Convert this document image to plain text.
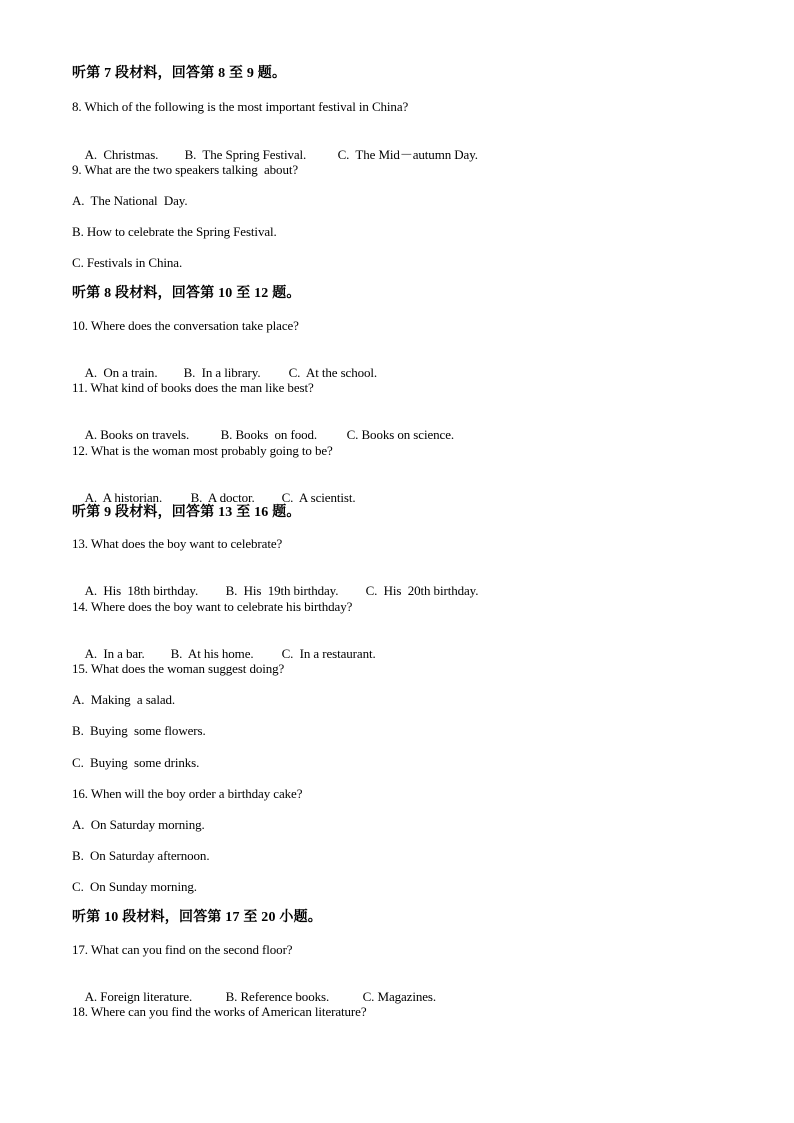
听第 7 段材料，回答第 8 至 9 题。
8. Which of the following is the most important festival in China?

A.  Christmas. B.  The Spring Festival. C.  The Mid－autumn Day.

9. What are the two speakers talking  about?
A.  The National  Day.
B. How to celebrate the Spring Festival.
C. Festivals in China.
听第 8 段材料，回答第 10 至 12 题。
10. Where does the conversation take place?

A.  On a train. B.  In a library. C.  At the school.

11. What kind of books does the man like best?

A. Books on travels. B. Books  on food. C. Books on science.

12. What is the woman most probably going to be?

A.  A historian. B.  A doctor. C.  A scientist.

听第 9 段材料，回答第 13 至 16 题。
13. What does the boy want to celebrate?

A.  His  18th birthday. B.  His  19th birthday. C.  His  20th birthday.

14. Where does the boy want to celebrate his birthday?

A.  In a bar. B.  At his home. C.  In a restaurant.

15. What does the woman suggest doing?
A.  Making  a salad.
B.  Buying  some flowers.
C.  Buying  some drinks.
16. When will the boy order a birthday cake?
A.  On Saturday morning.
B.  On Saturday afternoon.
C.  On Sunday morning.
听第 10 段材料，回答第 17 至 20 小题。
17. What can you find on the second floor?

A. Foreign literature.	B. Reference books.	C. Magazines.

18. Where can you find the works of American literature?
